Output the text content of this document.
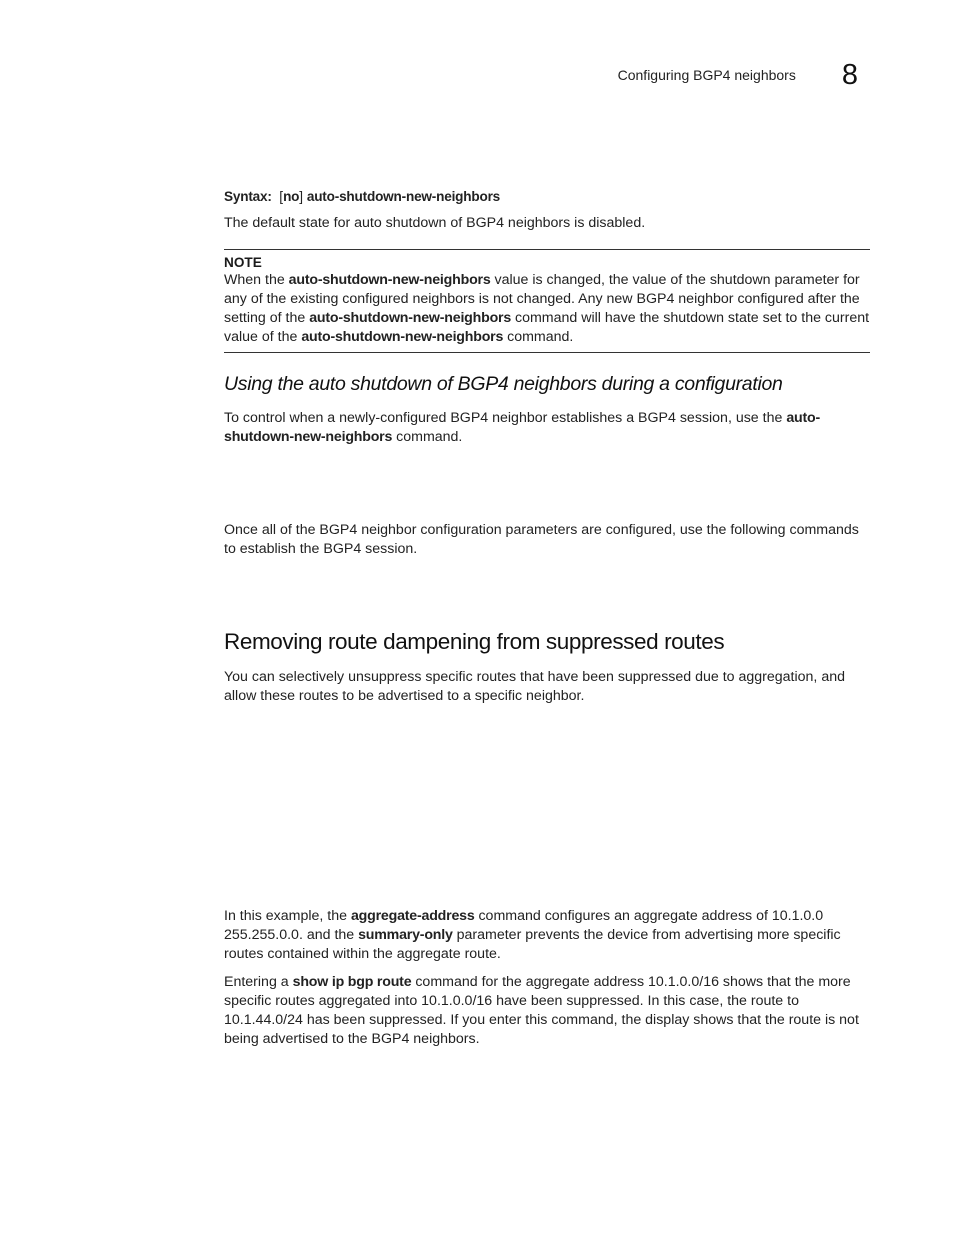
Configuring BGP4 neighbors 8

Syntax: [no] auto-shutdown-new-neighbors

The default state for auto shutdown of BGP4 neighbors is disabled.

NOTE

When the auto-shutdown-new-neighbors value is changed, the value of the shutdown parameter for any of the existing configured neighbors is not changed. Any new BGP4 neighbor configured after the setting of the auto-shutdown-new-neighbors command will have the shutdown state set to the current value of the auto-shutdown-new-neighbors command.

Using the auto shutdown of BGP4 neighbors during a configuration

To control when a newly-configured BGP4 neighbor establishes a BGP4 session, use the auto-shutdown-new-neighbors command.

Once all of the BGP4 neighbor configuration parameters are configured, use the following commands to establish the BGP4 session.

Removing route dampening from suppressed routes

You can selectively unsuppress specific routes that have been suppressed due to aggregation, and allow these routes to be advertised to a specific neighbor.

In this example, the aggregate-address command configures an aggregate address of 10.1.0.0 255.255.0.0. and the summary-only parameter prevents the device from advertising more specific routes contained within the aggregate route.

Entering a show ip bgp route command for the aggregate address 10.1.0.0/16 shows that the more specific routes aggregated into 10.1.0.0/16 have been suppressed. In this case, the route to 10.1.44.0/24 has been suppressed. If you enter this command, the display shows that the route is not being advertised to the BGP4 neighbors.
